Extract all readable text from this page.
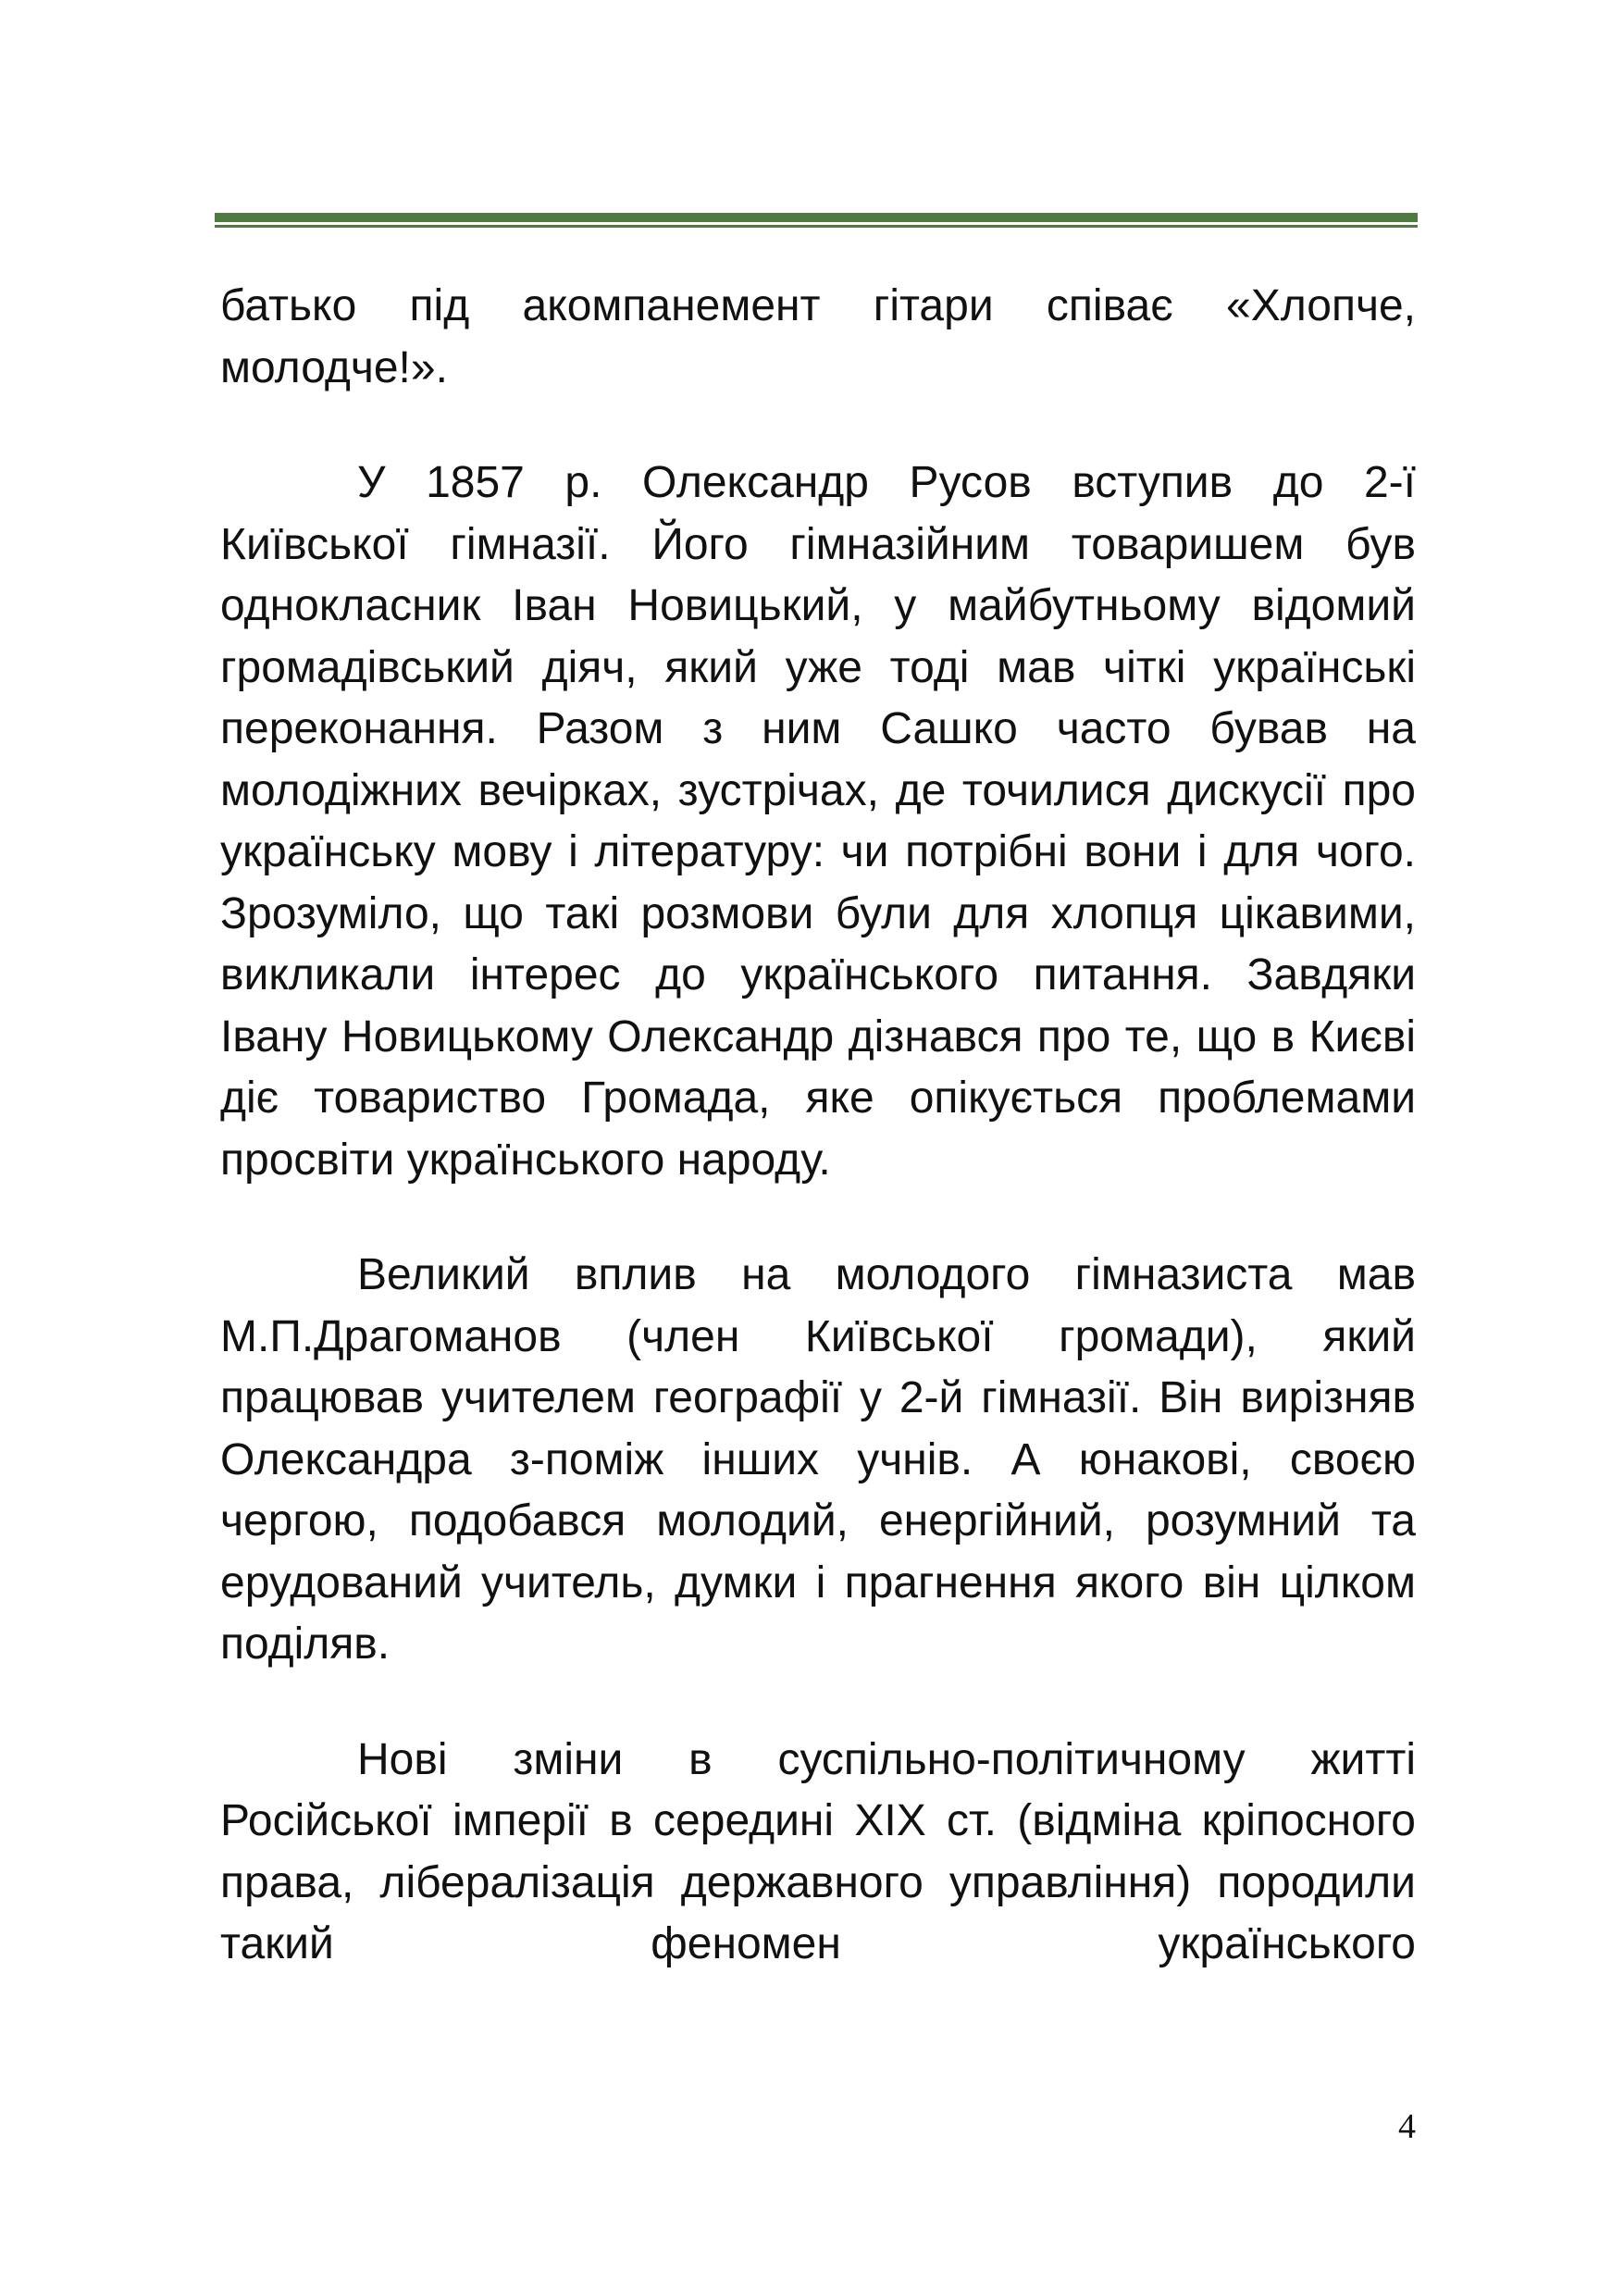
батько під акомпанемент гітари співає «Хлопче, молодче!».

У 1857 р. Олександр Русов вступив до 2-ї Київської гімназії. Його гімназійним товаришем був однокласник Іван Новицький, у майбутньому відомий громадівський діяч, який уже тоді мав чіткі українські переконання. Разом з ним Сашко часто бував на молодіжних вечірках, зустрічах, де точилися дискусії про українську мову і літературу: чи потрібні вони і для чого. Зрозуміло, що такі розмови були для хлопця цікавими, викликали інтерес до українського питання. Завдяки Івану Новицькому Олександр дізнався про те, що в Києві діє товариство Громада, яке опікується проблемами просвіти українського народу.

Великий вплив на молодого гімназиста мав М.П.Драгоманов (член Київської громади), який працював учителем географії у 2-й гімназії. Він вирізняв Олександра з-поміж інших учнів. А юнакові, своєю чергою, подобався молодий, енергійний, розумний та ерудований учитель, думки і прагнення якого він цілком поділяв.

Нові зміни в суспільно-політичному житті Російської імперії в середині XIX ст. (відміна кріпосного права, лібералізація державного управління) породили такий феномен українського

4
